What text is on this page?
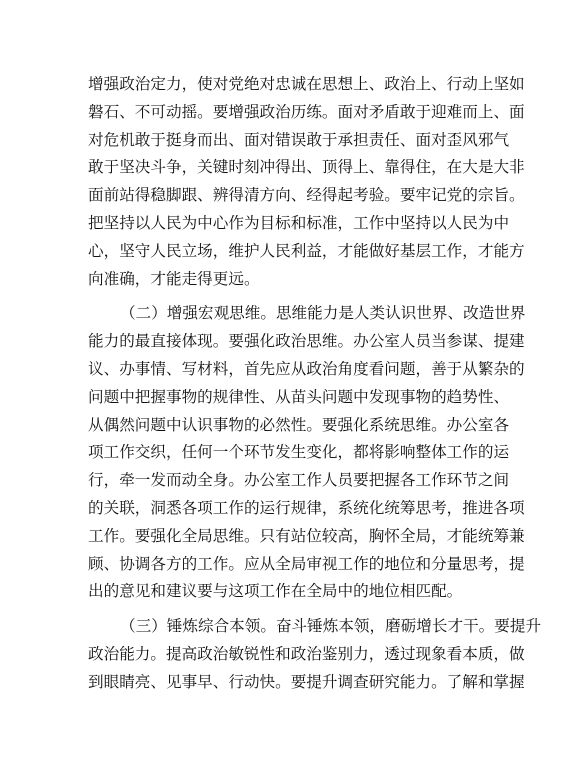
增强政治定力，使对党绝对忠诚在思想上、政治上、行动上坚如
磐石、不可动摇。要增强政治历练。面对矛盾敢于迎难而上、面
对危机敢于挺身而出、面对错误敢于承担责任、面对歪风邪气
敢于坚决斗争，关键时刻冲得出、顶得上、靠得住，在大是大非
面前站得稳脚跟、辨得清方向、经得起考验。要牢记党的宗旨。
把坚持以人民为中心作为目标和标准，工作中坚持以人民为中
心，坚守人民立场，维护人民利益，才能做好基层工作，才能方
向准确，才能走得更远。
（二）增强宏观思维。思维能力是人类认识世界、改造世界
能力的最直接体现。要强化政治思维。办公室人员当参谋、提建
议、办事情、写材料，首先应从政治角度看问题，善于从繁杂的
问题中把握事物的规律性、从苗头问题中发现事物的趋势性、
从偶然问题中认识事物的必然性。要强化系统思维。办公室各
项工作交织，任何一个环节发生变化，都将影响整体工作的运
行，牵一发而动全身。办公室工作人员要把握各工作环节之间
的关联，洞悉各项工作的运行规律，系统化统筹思考，推进各项
工作。要强化全局思维。只有站位较高，胸怀全局，才能统筹兼
顾、协调各方的工作。应从全局审视工作的地位和分量思考，提
出的意见和建议要与这项工作在全局中的地位相匹配。
（三）锤炼综合本领。奋斗锤炼本领，磨砺增长才干。要提升
政治能力。提高政治敏锐性和政治鉴别力，透过现象看本质，做
到眼睛亮、见事早、行动快。要提升调查研究能力。了解和掌握
